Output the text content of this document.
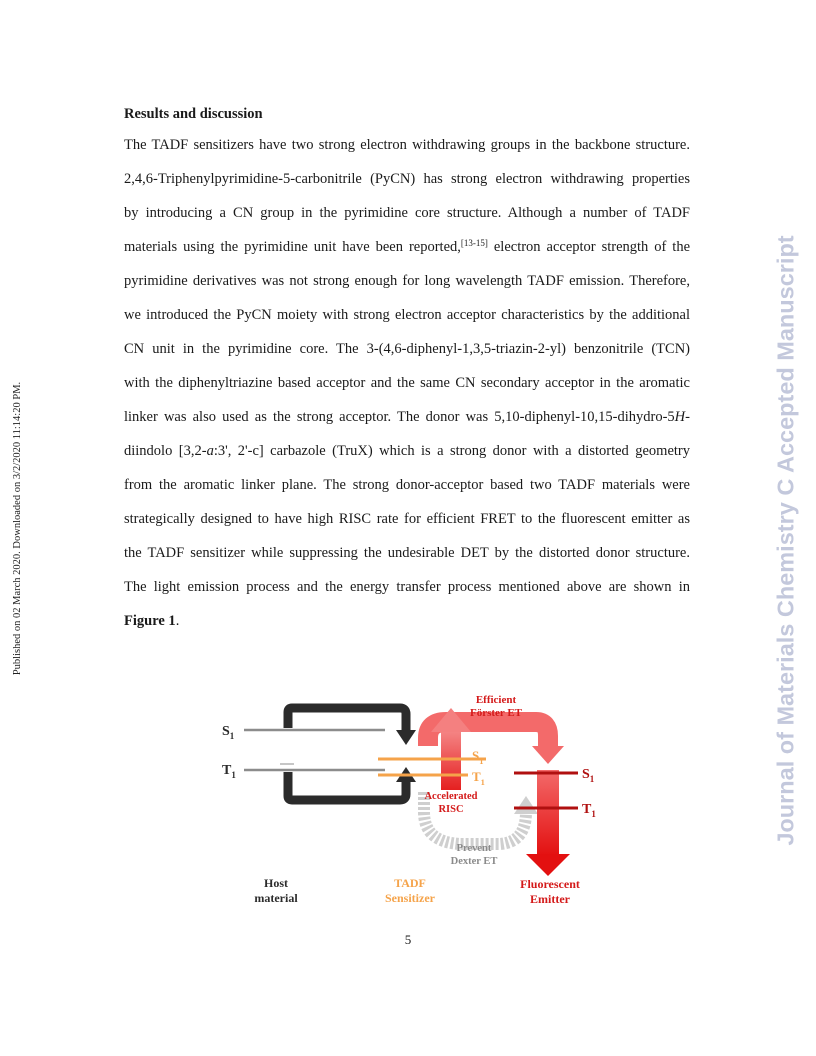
Published on 02 March 2020. Downloaded on 3/2/2020 11:14:20 PM.	Journal of Materials Chemistry C Accepted Manuscript
Results and discussion
The TADF sensitizers have two strong electron withdrawing groups in the backbone structure.
2,4,6-Triphenylpyrimidine-5-carbonitrile (PyCN) has strong electron withdrawing properties
by introducing a CN group in the pyrimidine core structure. Although a number of TADF
materials using the pyrimidine unit have been reported,[13-15] electron acceptor strength of the
pyrimidine derivatives was not strong enough for long wavelength TADF emission. Therefore,
we introduced the PyCN moiety with strong electron acceptor characteristics by the additional
CN unit in the pyrimidine core. The 3-(4,6-diphenyl-1,3,5-triazin-2-yl) benzonitrile (TCN)
with the diphenyltriazine based acceptor and the same CN secondary acceptor in the aromatic
linker was also used as the strong acceptor. The donor was 5,10-diphenyl-10,15-dihydro-5H-
diindolo [3,2-a:3', 2'-c] carbazole (TruX) which is a strong donor with a distorted geometry
from the aromatic linker plane. The strong donor-acceptor based two TADF materials were
strategically designed to have high RISC rate for efficient FRET to the fluorescent emitter as
the TADF sensitizer while suppressing the undesirable DET by the distorted donor structure.
The light emission process and the energy transfer process mentioned above are shown in
Figure 1.
Efficient
Förster ET
$S_1$
$T_1$
$S_1$
$T_1$	$S_1$
$T_1$
Accelerated
RISC
Prevent
Dexter ET
Host
material
TADF
Sensitizer
Fluorescent
Emitter
5
